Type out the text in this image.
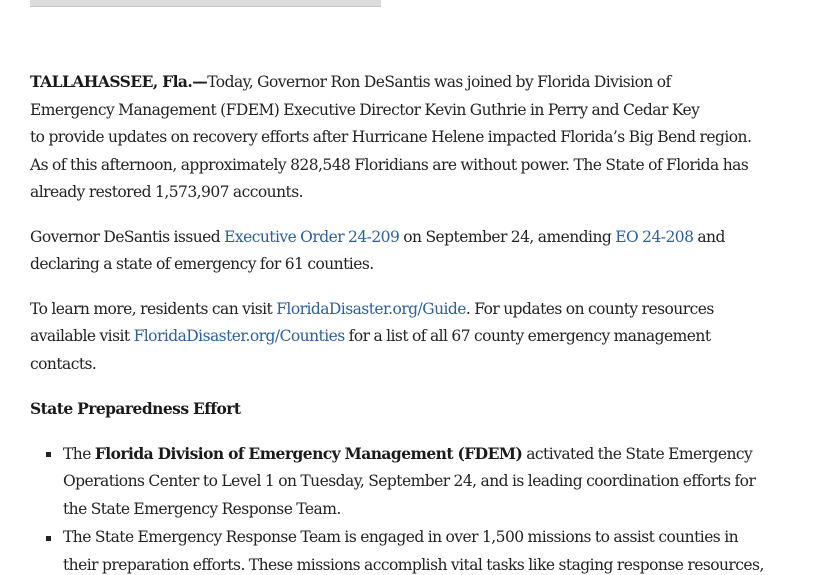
TALLAHASSEE, Fla.—Today, Governor Ron DeSantis was joined by Florida Division of
Emergency Management (FDEM) Executive Director Kevin Guthrie in Perry and Cedar Key
to provide updates on recovery efforts after Hurricane Helene impacted Florida’s Big Bend region.
As of this afternoon, approximately 828,548 Floridians are without power. The State of Florida has
already restored 1,573,907 accounts.

Governor DeSantis issued Executive Order 24-209 on September 24, amending EO 24-208 and
declaring a state of emergency for 61 counties.

To learn more, residents can visit FloridaDisaster.org/Guide. For updates on county resources
available visit FloridaDisaster.org/Counties for a list of all 67 county emergency management
contacts.

State Preparedness Effort
The Florida Division of Emergency Management (FDEM) activated the State Emergency
Operations Center to Level 1 on Tuesday, September 24, and is leading coordination efforts for
the State Emergency Response Team.
The State Emergency Response Team is engaged in over 1,500 missions to assist counties in
their preparation efforts. These missions accomplish vital tasks like staging response resources,
